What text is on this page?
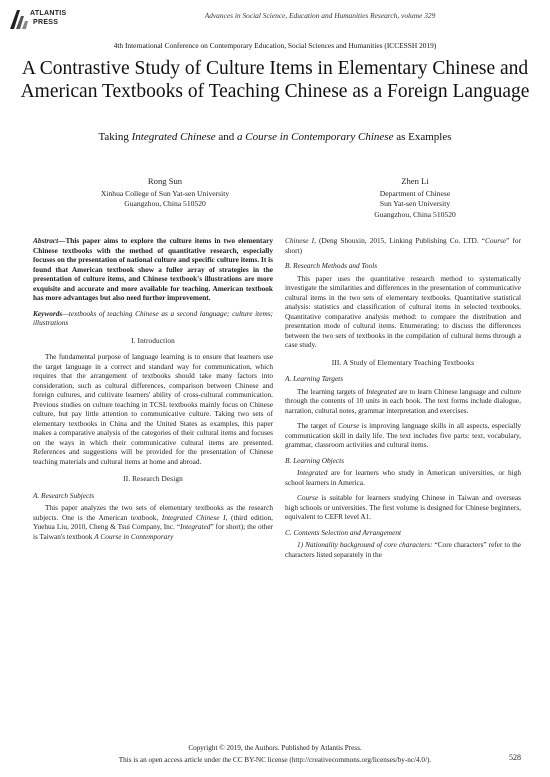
ATLANTIS
PRESS
Advances in Social Science, Education and Humanities Research, volume 329
4th International Conference on Contemporary Education, Social Sciences and Humanities (ICCESSH 2019)
A Contrastive Study of Culture Items in Elementary Chinese and American Textbooks of Teaching Chinese as a Foreign Language
Taking Integrated Chinese and a Course in Contemporary Chinese as Examples
Rong Sun
Xinhua College of Sun Yat-sen University
Guangzhou, China 510520
Zhen Li
Department of Chinese
Sun Yat-sen University
Guangzhou, China 510520

Abstract—This paper aims to explore the culture items in two elementary Chinese textbooks with the method of quantitative research, especially focuses on the presentation of national culture and specific culture items. It is found that American textbook show a fuller array of strategies in the presentation of culture items, and Chinese textbook's illustrations are more exquisite and accurate and more available for teaching. American textbook has more advantages but also need further improvement.

Keywords—textbooks of teaching Chinese as a second language; culture items; illustrations

I. Introduction

The fundamental purpose of language learning is to ensure that learners use the target language in a correct and standard way for communication, which requires that the arrangement of textbooks should take many factors into consideration, such as cultural differences, comparison between Chinese and foreign cultures, and cultivate learners' ability of cross-cultural communication. Previous studies on culture teaching in TCSL textbooks mainly focus on Chinese culture, but pay little attention to communicative culture. Taking two sets of elementary textbooks in China and the United States as examples, this paper makes a comparative analysis of the categories of their cultural items and focuses on the ways in which their communicative cultural items are presented. References and suggestions will be provided for the presentation of Chinese teaching materials and cultural items at home and abroad.

II. Research Design
A. Research Subjects

This paper analyzes the two sets of elementary textbooks as the research subjects. One is the American textbook, Integrated Chinese I, (third edition, Yuehua Liu, 2010, Cheng & Tsui Company, Inc. “Integrated” for short); the other is Taiwan's textbook A Course in Contemporary

Chinese I, (Deng Shouxin, 2015, Linking Publishing Co. LTD. “Course” for short)

B. Research Methods and Tools

This paper uses the quantitative research method to systematically investigate the similarities and differences in the presentation of communicative cultural items in the two sets of elementary textbooks. Quantitative statistical analysis: statistics and classification of cultural items in selected textbooks. Quantitative comparative analysis method: to compare the distribution and presentation mode of cultural items. Enumerating: to discuss the differences between the two sets of textbooks in the compilation of cultural items through a case study.

III. A Study of Elementary Teaching Textbooks
A. Learning Targets

The learning targets of Integrated are to learn Chinese language and culture through the contents of 10 units in each book. The text forms include dialogue, narration, cultural notes, grammar interpretation and exercises.

The target of Course is improving language skills in all aspects, especially communication skill in daily life. The text includes five parts: text, vocabulary, grammar, classroom activities and cultural items.

B. Learning Objects

Integrated are for learners who study in American universities, or high school learners in America.

Course is suitable for learners studying Chinese in Taiwan and overseas high schools or universities. The first volume is designed for Chinese beginners, equivalent to CEFR level A1.

C. Contents Selection and Arrangement

1) Nationality background of core characters: “Core characters” refer to the characters listed separately in the

Copyright © 2019, the Authors. Published by Atlantis Press.
This is an open access article under the CC BY-NC license (http://creativecommons.org/licenses/by-nc/4.0/).	528
